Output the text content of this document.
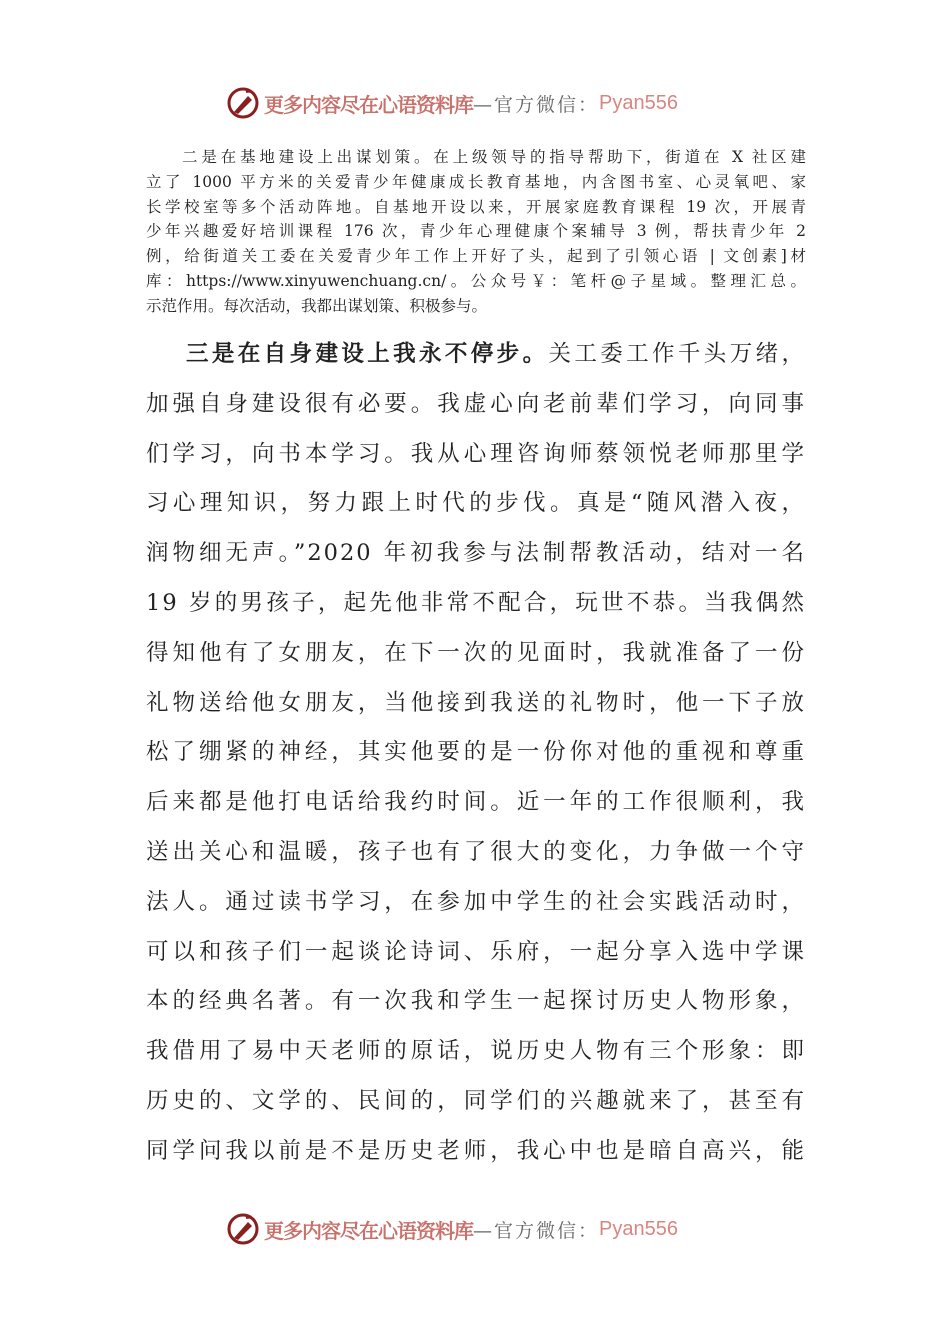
更多内容尽在心语资料库 —官方微信： Pyan556
二是在基地建设上出谋划策。在上级领导的指导帮助下，街道在 X 社区建
立了 1000 平方米的关爱青少年健康成长教育基地，内含图书室、心灵氧吧、家
长学校室等多个活动阵地。自基地开设以来，开展家庭教育课程 19 次，开展青
少年兴趣爱好培训课程 176 次，青少年心理健康个案辅导 3 例，帮扶青少年 2
例，给街道关工委在关爱青少年工作上开好了头，起到了引领心语 | 文创素]材
库：https://www.xinyuwenchuang.cn/。公众号￥：笔杆@子星域。整理汇总。
示范作用。每次活动，我都出谋划策、积极参与。
三是在自身建设上我永不停步。关工委工作千头万绪，
加强自身建设很有必要。我虚心向老前辈们学习，向同事
们学习，向书本学习。我从心理咨询师蔡领悦老师那里学
习心理知识，努力跟上时代的步伐。真是“随风潜入夜，
润物细无声。”2020 年初我参与法制帮教活动，结对一名
19 岁的男孩子，起先他非常不配合，玩世不恭。当我偶然
得知他有了女朋友，在下一次的见面时，我就准备了一份
礼物送给他女朋友，当他接到我送的礼物时，他一下子放
松了绷紧的神经，其实他要的是一份你对他的重视和尊重
后来都是他打电话给我约时间。近一年的工作很顺利，我
送出关心和温暖，孩子也有了很大的变化，力争做一个守
法人。通过读书学习，在参加中学生的社会实践活动时，
可以和孩子们一起谈论诗词、乐府，一起分享入选中学课
本的经典名著。有一次我和学生一起探讨历史人物形象，
我借用了易中天老师的原话，说历史人物有三个形象：即
历史的、文学的、民间的，同学们的兴趣就来了，甚至有
同学问我以前是不是历史老师，我心中也是暗自高兴，能
更多内容尽在心语资料库 —官方微信： Pyan556
